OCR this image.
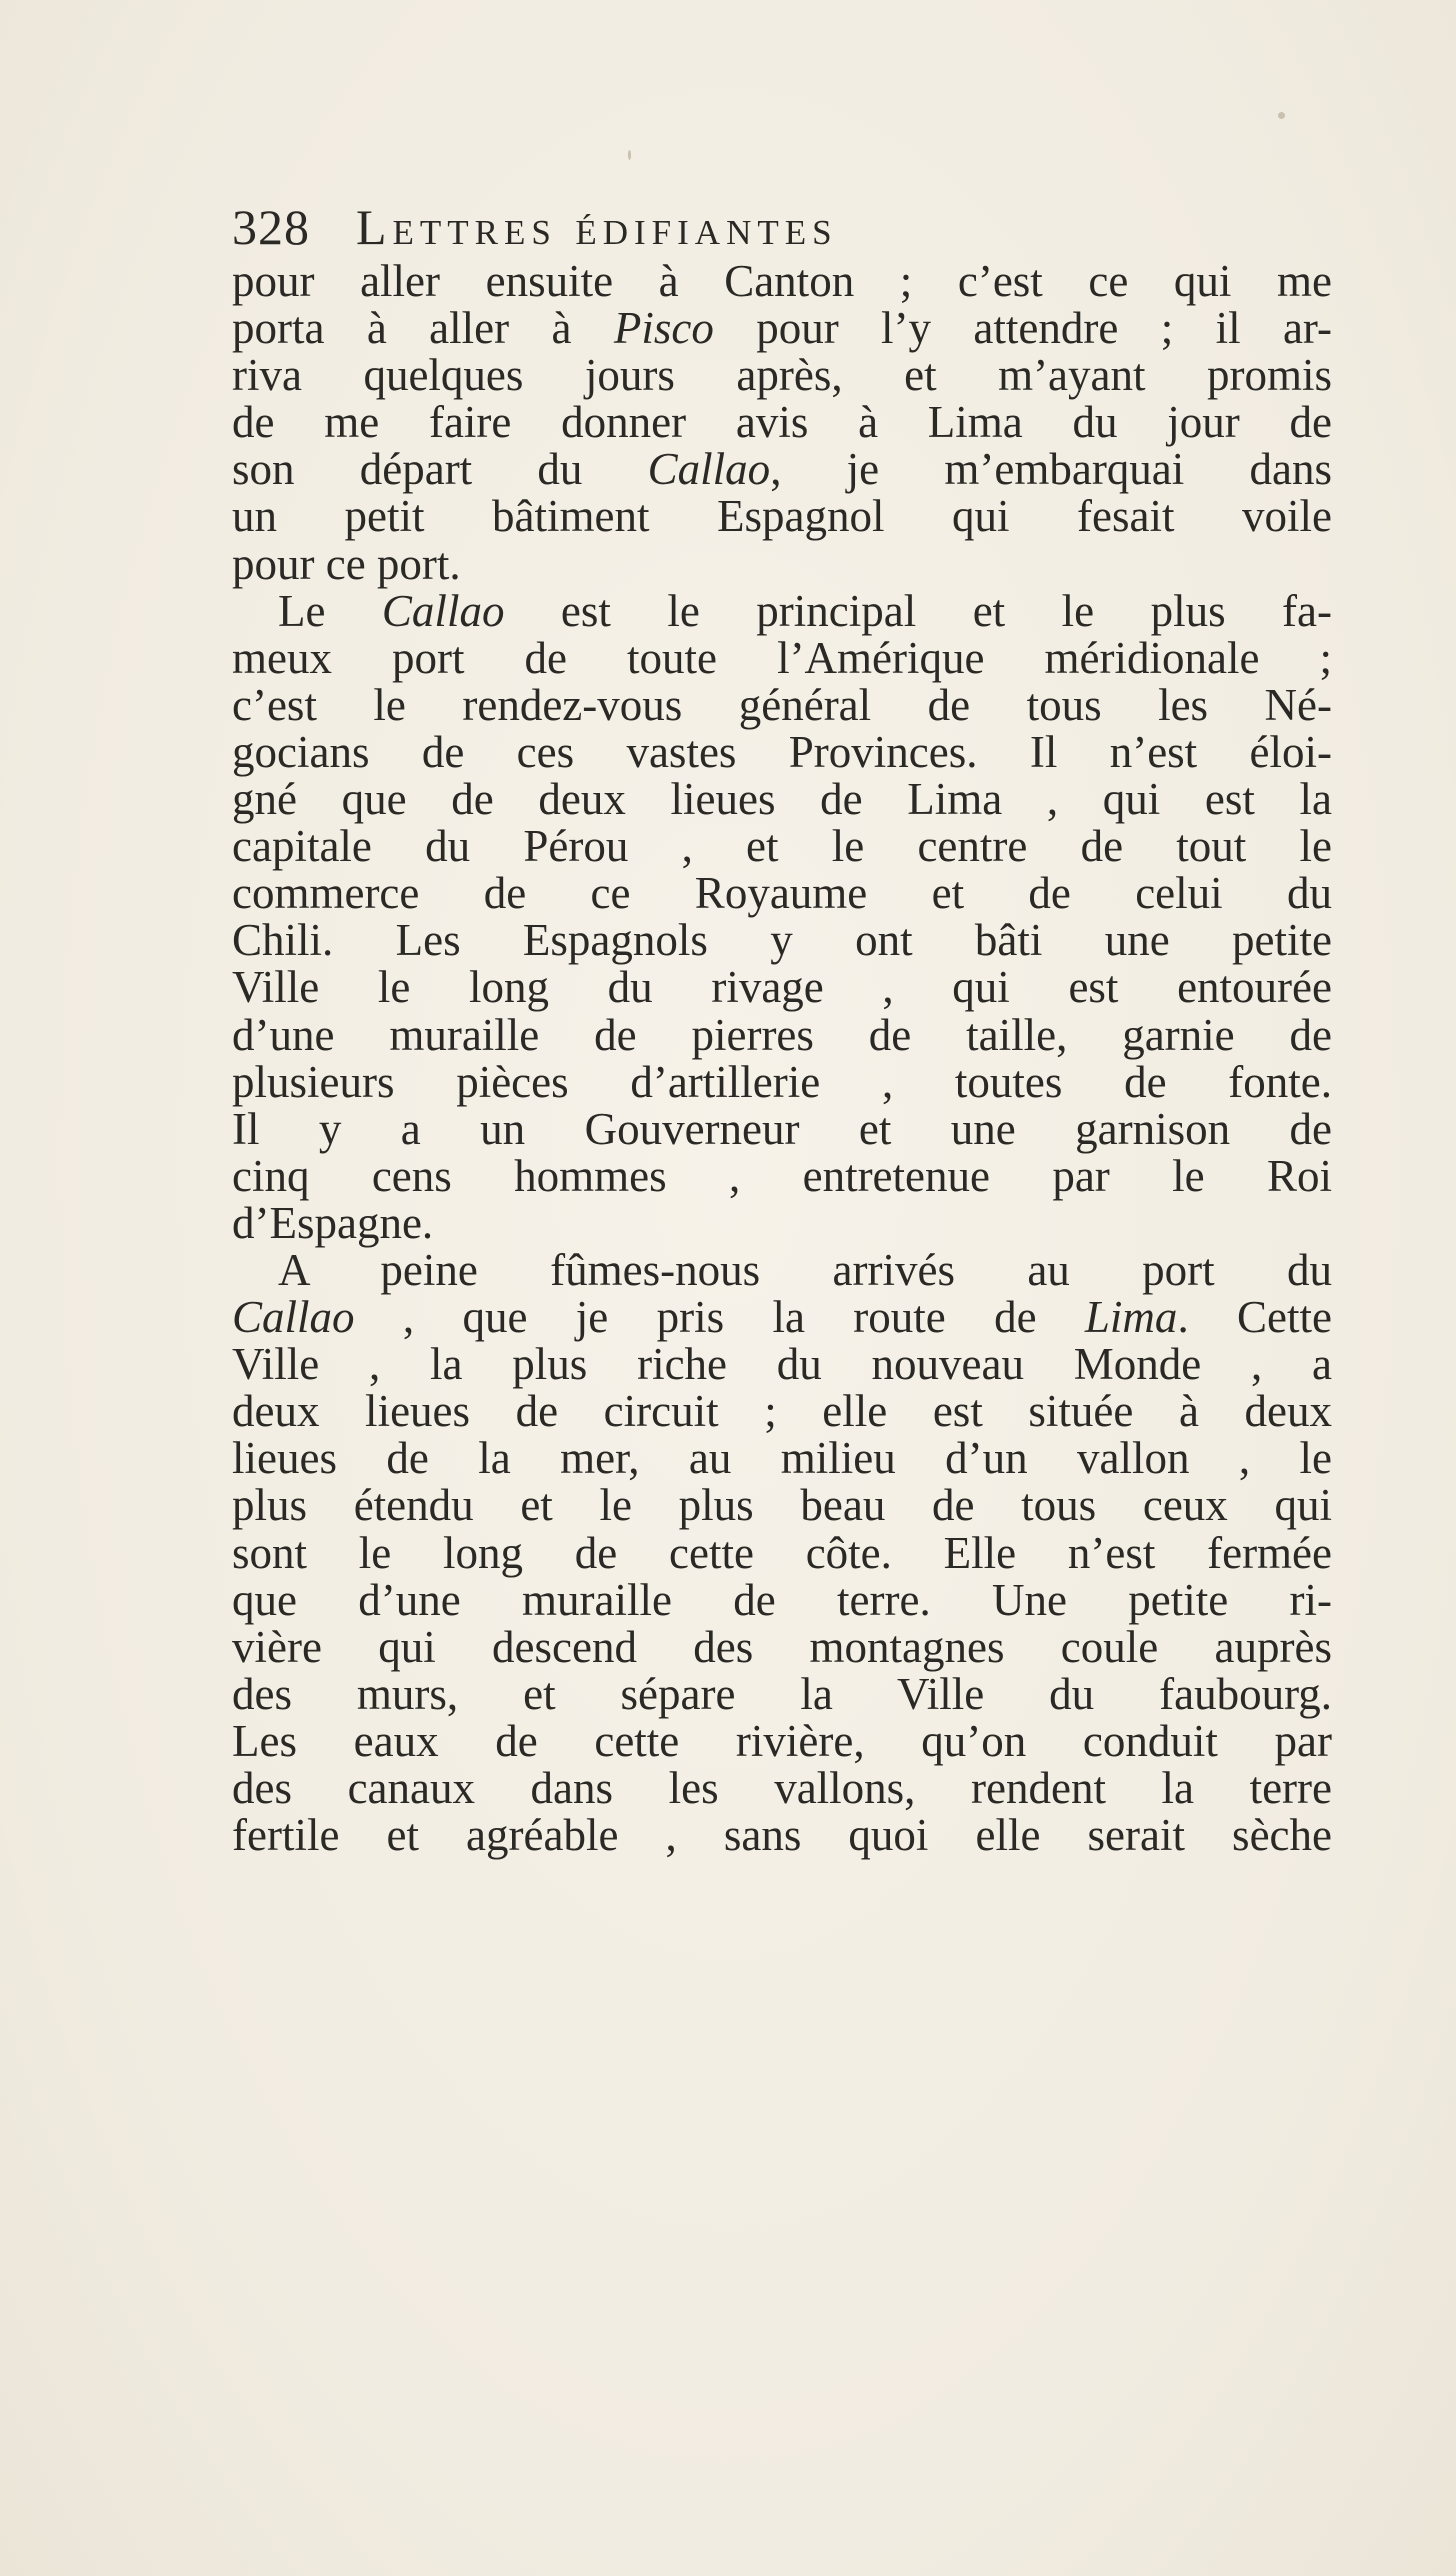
328 Lettres édifiantes
pour aller ensuite à Canton ; c’est ce qui me
porta à aller à Pisco pour l’y attendre ; il ar-
riva quelques jours après, et m’ayant promis
de me faire donner avis à Lima du jour de
son départ du Callao, je m’embarquai dans
un petit bâtiment Espagnol qui fesait voile
pour ce port.
Le Callao est le principal et le plus fa-
meux port de toute l’Amérique méridionale ;
c’est le rendez-vous général de tous les Né-
gocians de ces vastes Provinces. Il n’est éloi-
gné que de deux lieues de Lima , qui est la
capitale du Pérou , et le centre de tout le
commerce de ce Royaume et de celui du
Chili. Les Espagnols y ont bâti une petite
Ville le long du rivage , qui est entourée
d’une muraille de pierres de taille, garnie de
plusieurs pièces d’artillerie , toutes de fonte.
Il y a un Gouverneur et une garnison de
cinq cens hommes , entretenue par le Roi
d’Espagne.
A peine fûmes-nous arrivés au port du
Callao , que je pris la route de Lima. Cette
Ville , la plus riche du nouveau Monde , a
deux lieues de circuit ; elle est située à deux
lieues de la mer, au milieu d’un vallon , le
plus étendu et le plus beau de tous ceux qui
sont le long de cette côte. Elle n’est fermée
que d’une muraille de terre. Une petite ri-
vière qui descend des montagnes coule auprès
des murs, et sépare la Ville du faubourg.
Les eaux de cette rivière, qu’on conduit par
des canaux dans les vallons, rendent la terre
fertile et agréable , sans quoi elle serait sèche
